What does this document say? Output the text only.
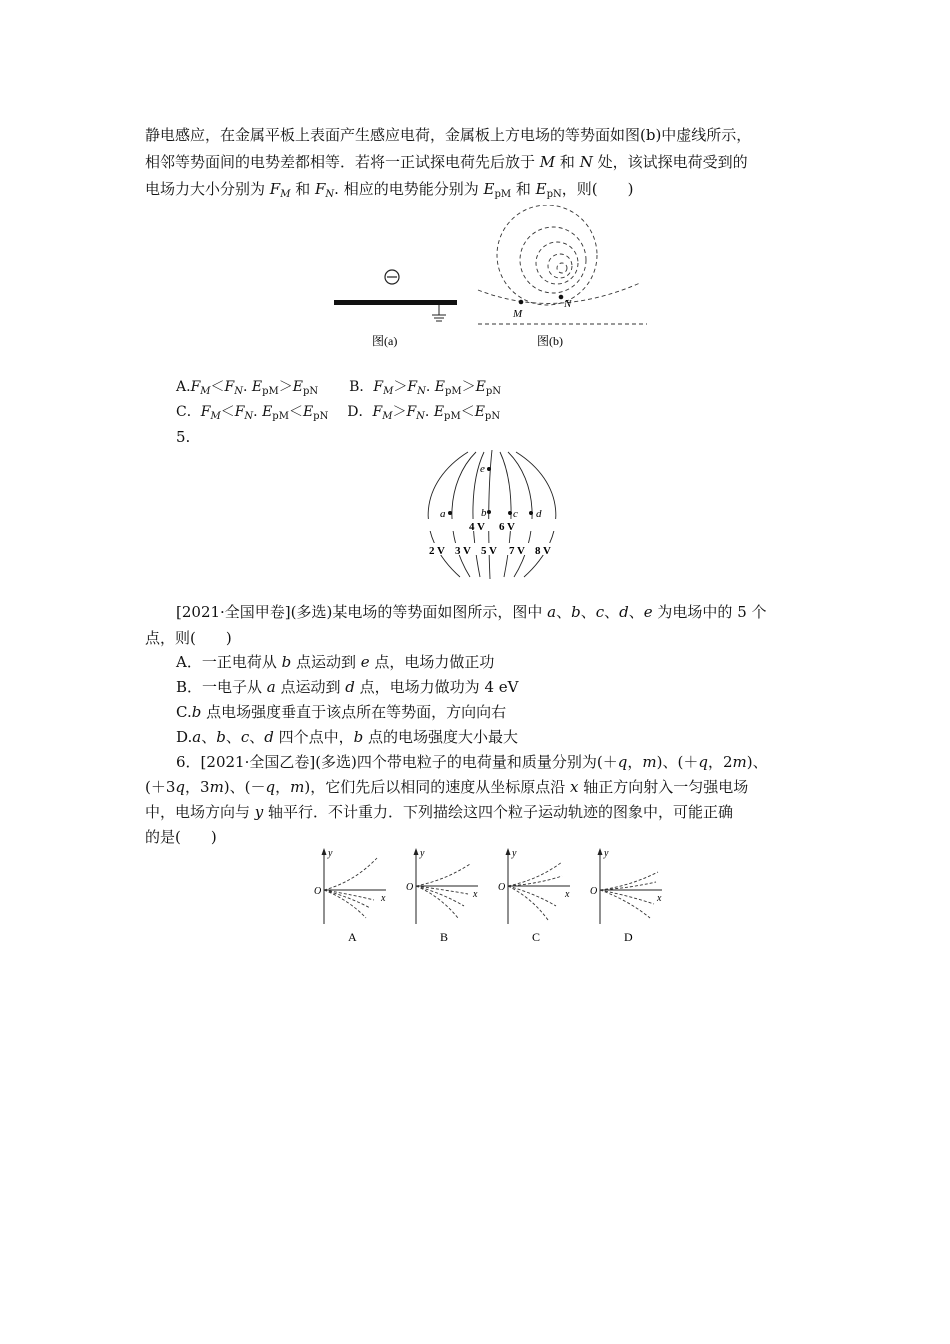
静电感应，在金属平板上表面产生感应电荷，金属板上方电场的等势面如图(b)中虚线所示，
相邻等势面间的电势差都相等．若将一正试探电荷先后放于 M 和 N 处，该试探电荷受到的
电场力大小分别为 $F_M$ 和 $F_N$. 相应的电势能分别为 $E_{pM}$ 和 $E_{pN}$，则(　　)
图(a)
M
N
图(b)
$A.F_M<F_N$. $E_{pM}>E_{pN}$ B．$F_M>F_N$. $E_{pM}>E_{pN}$
C．$F_M<F_N$. $E_{pM}<E_{pN}$ D．$F_M>F_N$. $E_{pM}<E_{pN}$
5.
e
a	b c d
4 V 6 V
2 V 3 V 5 V 7 V 8 V
[2021·全国甲卷](多选)某电场的等势面如图所示，图中 a、b、c、d、e 为电场中的 5 个
点，则(　　)
A．一正电荷从 b 点运动到 e 点，电场力做正功
B．一电子从 a 点运动到 d 点，电场力做功为 4 eV
C.b 点电场强度垂直于该点所在等势面，方向向右
D.a、b、c、d 四个点中，b 点的电场强度大小最大
6．[2021·全国乙卷](多选)四个带电粒子的电荷量和质量分别为(＋q，m)、(＋q，2m)、
(＋3q，3m)、(－q，m)，它们先后以相同的速度从坐标原点沿 x 轴正方向射入一匀强电场
中，电场方向与 y 轴平行．不计重力．下列描绘这四个粒子运动轨迹的图象中，可能正确
的是(　　)
y
O
x
A
y
O
x
B
y
O
x
C
y
O
x
D
